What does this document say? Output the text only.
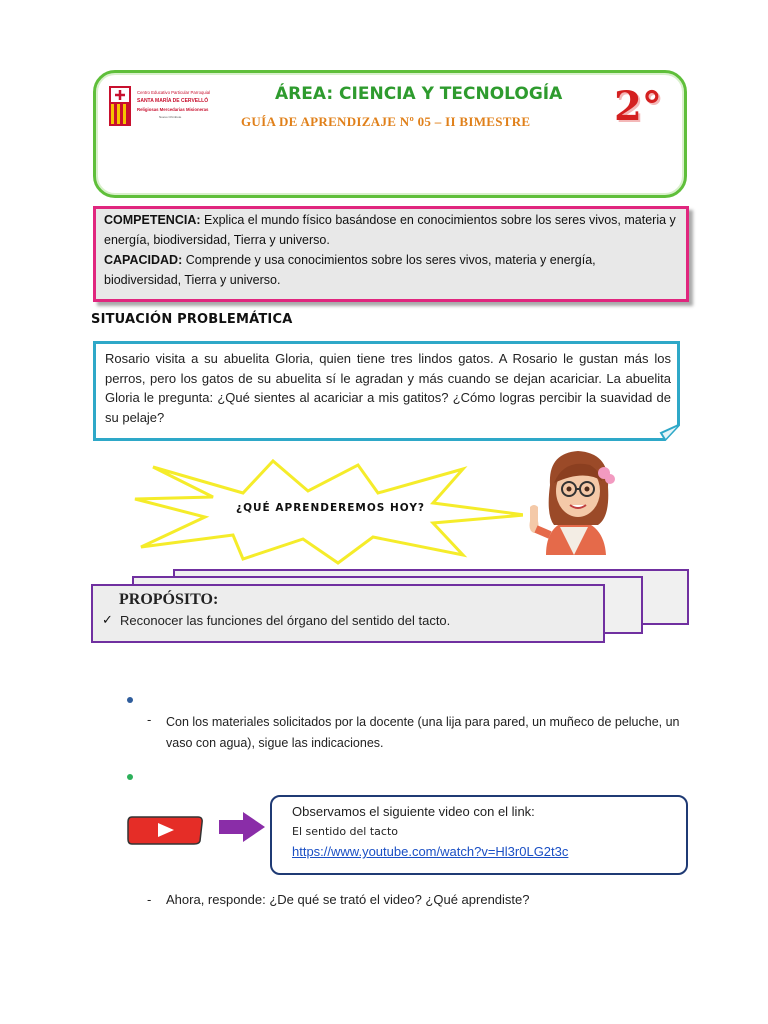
Centro Educativo Particular Parroquial
SANTA MARÍA DE CERVELLÓ
Religiosas Mercedarias Misioneras
Nuevo Chimbote
ÁREA: CIENCIA Y TECNOLOGÍA
GUÍA DE APRENDIZAJE Nº 05 – II BIMESTRE 2°
COMPETENCIA: Explica el mundo físico basándose en conocimientos sobre los seres vivos, materia y energía, biodiversidad, Tierra y universo.
CAPACIDAD: Comprende y usa conocimientos sobre los seres vivos, materia y energía, biodiversidad, Tierra y universo.
SITUACIÓN PROBLEMÁTICA
Rosario visita a su abuelita Gloria, quien tiene tres lindos gatos. A Rosario le gustan más los perros, pero los gatos de su abuelita sí le agradan y más cuando se dejan acariciar. La abuelita Gloria le pregunta: ¿Qué sientes al acariciar a mis gatitos? ¿Cómo logras percibir la suavidad de su pelaje?
¿QUÉ APRENDEREMOS HOY?
PROPÓSITO:
✓ Reconocer las funciones del órgano del sentido del tacto.
- Con los materiales solicitados por la docente (una lija para pared, un muñeco de peluche, un vaso con agua), sigue las indicaciones.
Observamos el siguiente video con el link:
El sentido del tacto
https://www.youtube.com/watch?v=Hl3r0LG2t3c
- Ahora, responde: ¿De qué se trató el video? ¿Qué aprendiste?
